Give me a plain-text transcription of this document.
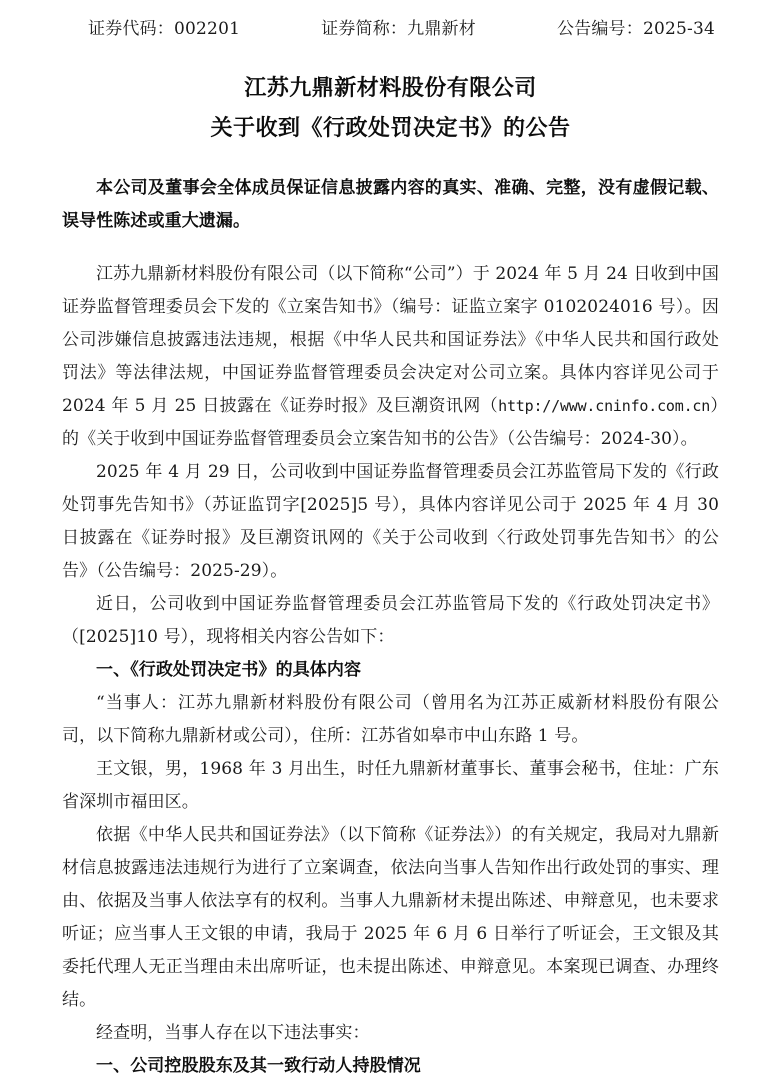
证券代码：002201	证券简称：九鼎新材	公告编号：2025-34
江苏九鼎新材料股份有限公司
关于收到《行政处罚决定书》的公告
本公司及董事会全体成员保证信息披露内容的真实、准确、完整，没有虚假记载、误导性陈述或重大遗漏。

江苏九鼎新材料股份有限公司（以下简称“公司”）于 2024 年 5 月 24 日收到中国证券监督管理委员会下发的《立案告知书》（编号：证监立案字 0102024016 号）。因公司涉嫌信息披露违法违规，根据《中华人民共和国证券法》《中华人民共和国行政处罚法》等法律法规，中国证券监督管理委员会决定对公司立案。具体内容详见公司于 2024 年 5 月 25 日披露在《证券时报》及巨潮资讯网（http://www.cninfo.com.cn）的《关于收到中国证券监督管理委员会立案告知书的公告》（公告编号：2024-30）。

2025 年 4 月 29 日，公司收到中国证券监督管理委员会江苏监管局下发的《行政处罚事先告知书》（苏证监罚字[2025]5 号），具体内容详见公司于 2025 年 4 月 30 日披露在《证券时报》及巨潮资讯网的《关于公司收到〈行政处罚事先告知书〉的公告》（公告编号：2025-29）。

近日，公司收到中国证券监督管理委员会江苏监管局下发的《行政处罚决定书》（[2025]10 号），现将相关内容公告如下：

一、《行政处罚决定书》的具体内容

“当事人：江苏九鼎新材料股份有限公司（曾用名为江苏正威新材料股份有限公司，以下简称九鼎新材或公司），住所：江苏省如皋市中山东路 1 号。

王文银，男，1968 年 3 月出生，时任九鼎新材董事长、董事会秘书，住址：广东省深圳市福田区。

依据《中华人民共和国证券法》（以下简称《证券法》）的有关规定，我局对九鼎新材信息披露违法违规行为进行了立案调查，依法向当事人告知作出行政处罚的事实、理由、依据及当事人依法享有的权利。当事人九鼎新材未提出陈述、申辩意见，也未要求听证；应当事人王文银的申请，我局于 2025 年 6 月 6 日举行了听证会，王文银及其委托代理人无正当理由未出席听证，也未提出陈述、申辩意见。本案现已调查、办理终结。

经查明，当事人存在以下违法事实：

一、公司控股股东及其一致行动人持股情况
